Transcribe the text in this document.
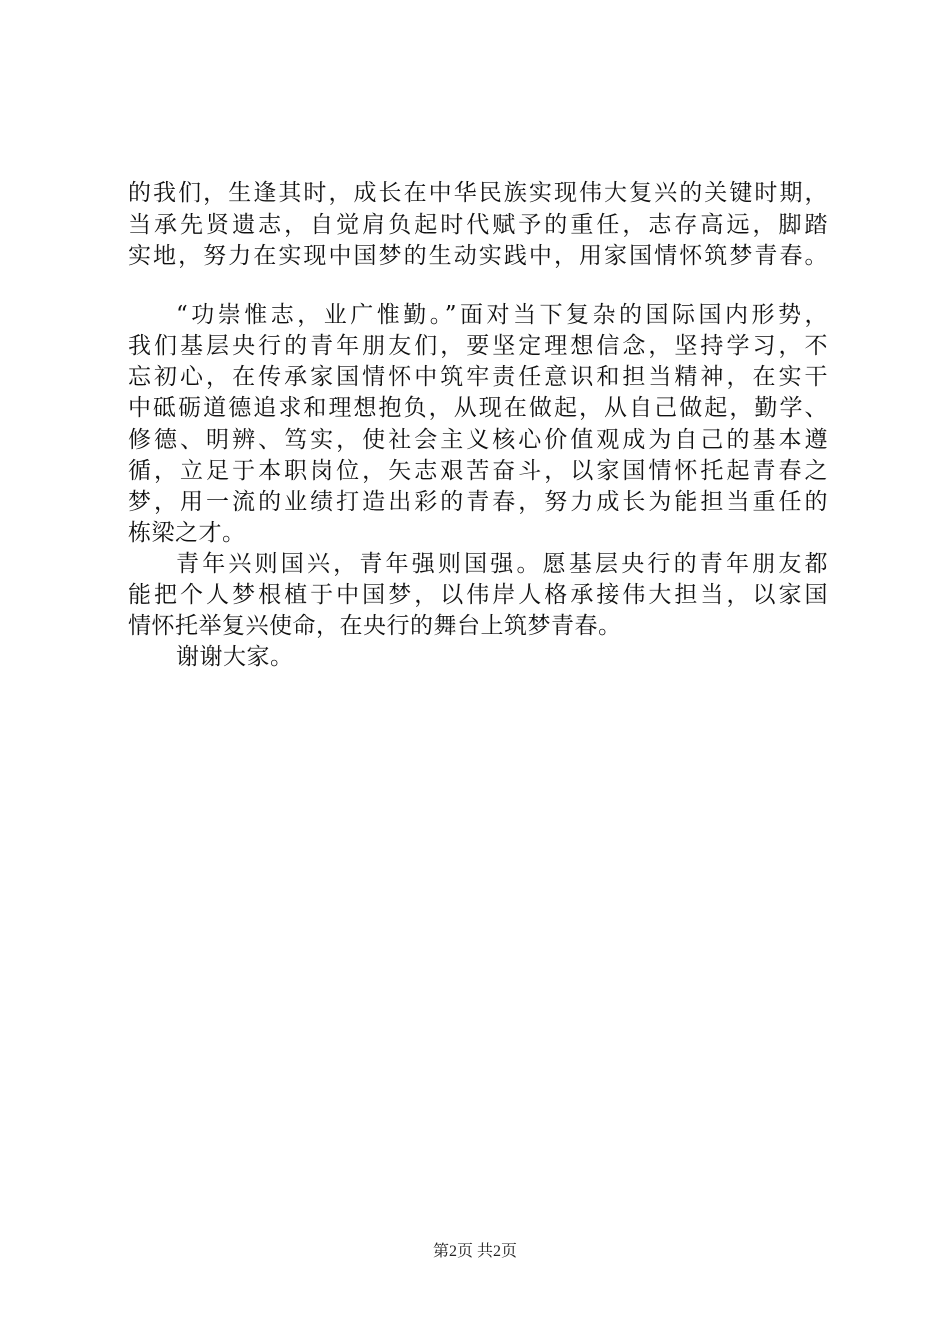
的我们，生逢其时，成长在中华民族实现伟大复兴的关键时期，
当承先贤遗志，自觉肩负起时代赋予的重任，志存高远，脚踏
实地，努力在实现中国梦的生动实践中，用家国情怀筑梦青春。
“功崇惟志，业广惟勤。”面对当下复杂的国际国内形势，
我们基层央行的青年朋友们，要坚定理想信念，坚持学习，不
忘初心，在传承家国情怀中筑牢责任意识和担当精神，在实干
中砥砺道德追求和理想抱负，从现在做起，从自己做起，勤学、
修德、明辨、笃实，使社会主义核心价值观成为自己的基本遵
循，立足于本职岗位，矢志艰苦奋斗，以家国情怀托起青春之
梦，用一流的业绩打造出彩的青春，努力成长为能担当重任的
栋梁之才。
青年兴则国兴，青年强则国强。愿基层央行的青年朋友都
能把个人梦根植于中国梦，以伟岸人格承接伟大担当，以家国
情怀托举复兴使命，在央行的舞台上筑梦青春。
谢谢大家。
第2页 共2页
